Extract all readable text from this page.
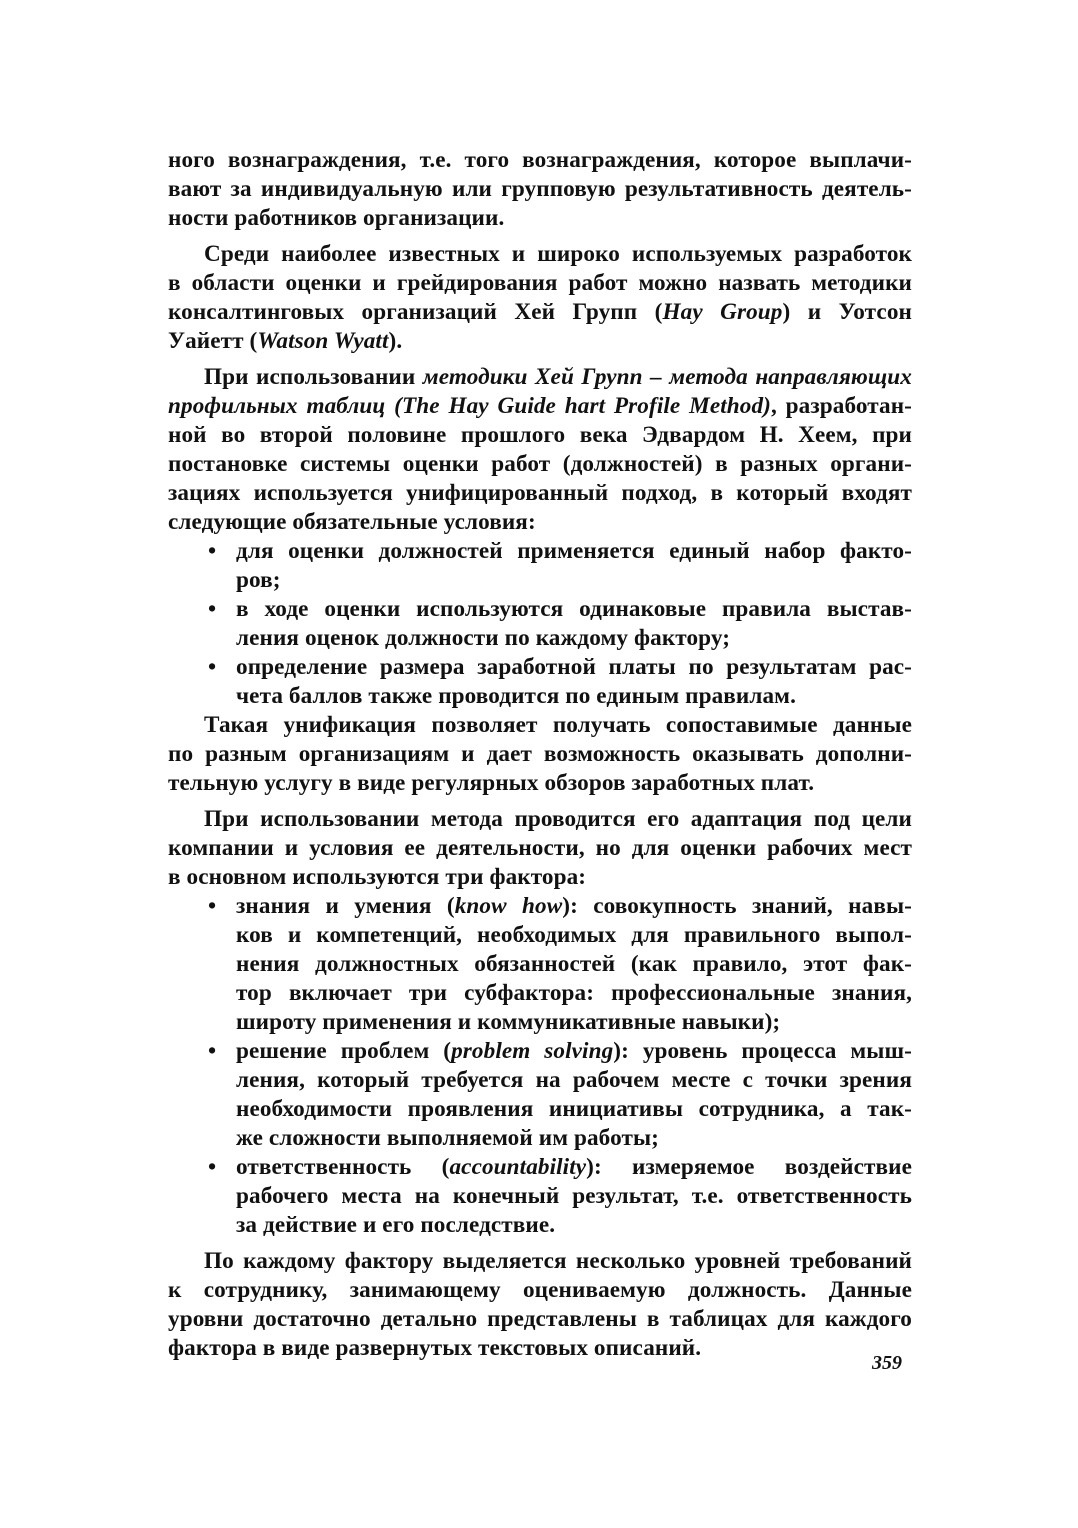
ного вознаграждения, т.е. того вознаграждения, которое выплачи-
вают за индивидуальную или групповую результативность деятель-
ности работников организации.
Среди наиболее известных и широко используемых разработок
в области оценки и грейдирования работ можно назвать методики
консалтинговых организаций Хей Групп (Hay Group) и Уотсон
Уайетт (Watson Wyatt).
При использовании методики Хей Групп – метода направляющих
профильных таблиц (The Hay Guide hart Profile Method), разработан-
ной во второй половине прошлого века Эдвардом Н. Хеем, при
постановке системы оценки работ (должностей) в разных органи-
зациях используется унифицированный подход, в который входят
следующие обязательные условия:
• для оценки должностей применяется единый набор факто-
ров;
• в ходе оценки используются одинаковые правила выстав-
ления оценок должности по каждому фактору;
• определение размера заработной платы по результатам рас-
чета баллов также проводится по единым правилам.
Такая унификация позволяет получать сопоставимые данные
по разным организациям и дает возможность оказывать дополни-
тельную услугу в виде регулярных обзоров заработных плат.
При использовании метода проводится его адаптация под цели
компании и условия ее деятельности, но для оценки рабочих мест
в основном используются три фактора:
• знания и умения (know how): совокупность знаний, навы-
ков и компетенций, необходимых для правильного выпол-
нения должностных обязанностей (как правило, этот фак-
тор включает три субфактора: профессиональные знания,
широту применения и коммуникативные навыки);
• решение проблем (problem solving): уровень процесса мыш-
ления, который требуется на рабочем месте с точки зрения
необходимости проявления инициативы сотрудника, а так-
же сложности выполняемой им работы;
• ответственность (accountability): измеряемое воздействие
рабочего места на конечный результат, т.е. ответственность
за действие и его последствие.
По каждому фактору выделяется несколько уровней требований
к сотруднику, занимающему оцениваемую должность. Данные
уровни достаточно детально представлены в таблицах для каждого
фактора в виде развернутых текстовых описаний.
359
